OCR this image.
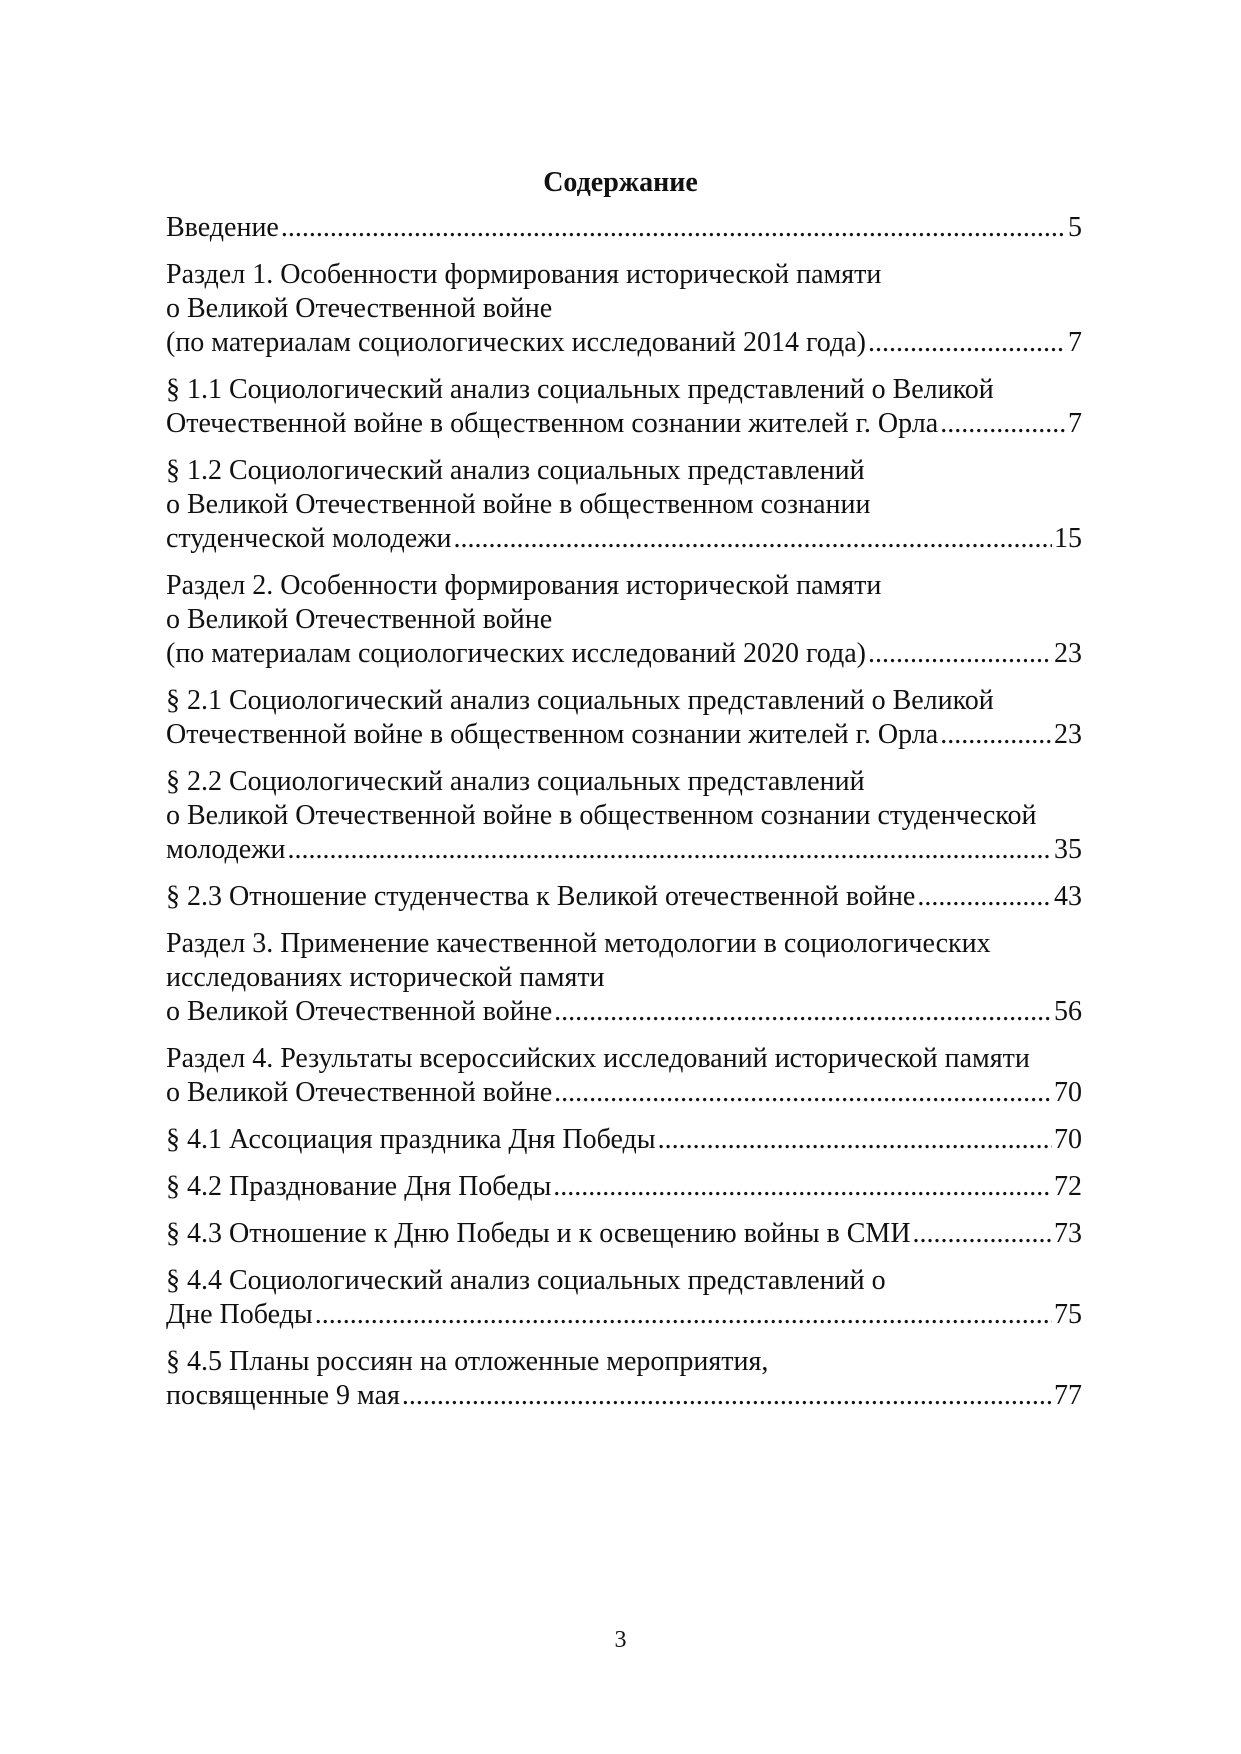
Содержание
Введение .....	5
Раздел 1. Особенности формирования исторической памяти
о Великой Отечественной войне
(по материалам социологических исследований 2014 года) .....	7
§ 1.1 Социологический анализ социальных представлений о Великой
Отечественной войне в общественном сознании жителей г. Орла .....	7
§ 1.2 Социологический анализ социальных представлений
о Великой Отечественной войне в общественном сознании
студенческой молодежи .....	15
Раздел 2. Особенности формирования исторической памяти
о Великой Отечественной войне
(по материалам социологических исследований 2020 года) .....	23
§ 2.1 Социологический анализ социальных представлений о Великой
Отечественной войне в общественном сознании жителей г. Орла .....	23
§ 2.2 Социологический анализ социальных представлений
о Великой Отечественной войне в общественном сознании студенческой
молодежи .....	35
§ 2.3 Отношение студенчества к Великой отечественной войне .....	43
Раздел 3. Применение качественной методологии в социологических
исследованиях исторической памяти
о Великой Отечественной войне .....	56
Раздел 4. Результаты всероссийских исследований исторической памяти
о Великой Отечественной войне .....	70
§ 4.1 Ассоциация праздника Дня Победы .....	70
§ 4.2 Празднование Дня Победы .....	72
§ 4.3 Отношение к Дню Победы и к освещению войны в СМИ .....	73
§ 4.4 Социологический анализ социальных представлений о
Дне Победы .....	75
§ 4.5 Планы россиян на отложенные мероприятия,
посвященные 9 мая .....	77
3
